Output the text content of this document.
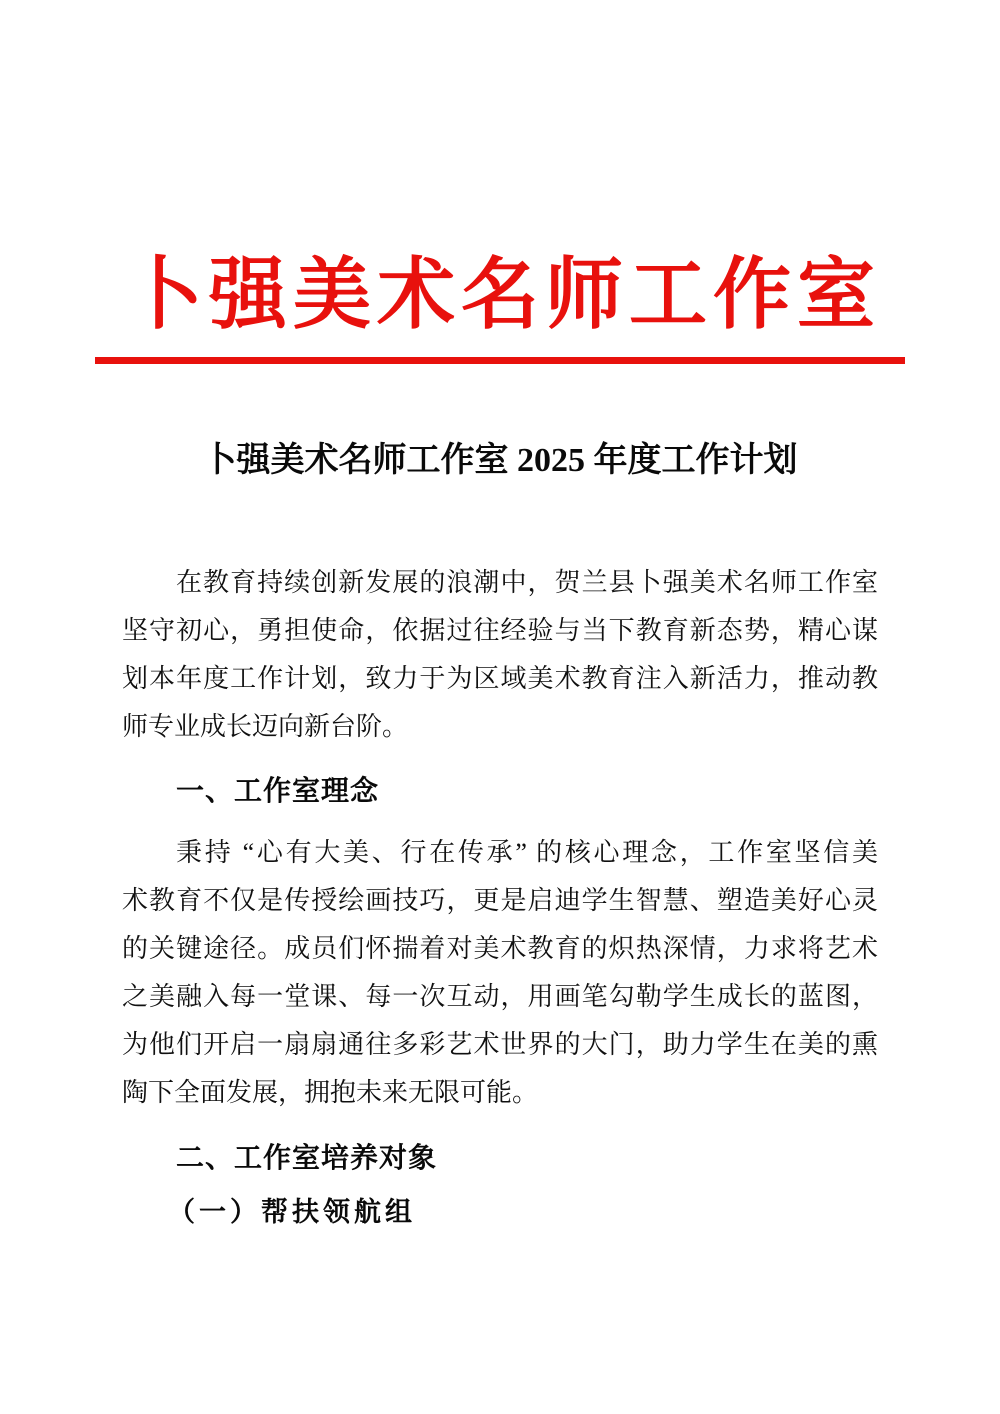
卜强美术名师工作室
卜强美术名师工作室 2025 年度工作计划
在教育持续创新发展的浪潮中，贺兰县卜强美术名师工作室
坚守初心，勇担使命，依据过往经验与当下教育新态势，精心谋
划本年度工作计划，致力于为区域美术教育注入新活力，推动教
师专业成长迈向新台阶。
一、工作室理念
秉持 “心有大美、行在传承” 的核心理念，工作室坚信美
术教育不仅是传授绘画技巧，更是启迪学生智慧、塑造美好心灵
的关键途径。成员们怀揣着对美术教育的炽热深情，力求将艺术
之美融入每一堂课、每一次互动，用画笔勾勒学生成长的蓝图，
为他们开启一扇扇通往多彩艺术世界的大门，助力学生在美的熏
陶下全面发展，拥抱未来无限可能。
二、工作室培养对象
（一）帮扶领航组
